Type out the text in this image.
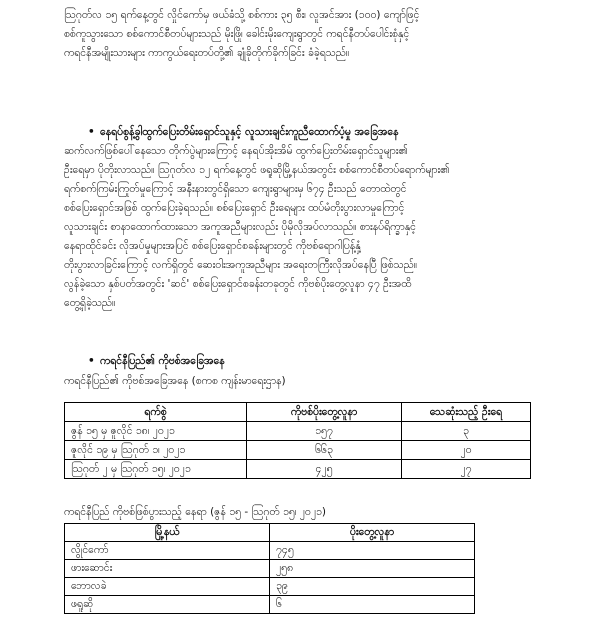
ဩဂုတ်လ ၁၅ ရက်နေ့တွင် လှိုင်ကော်မှ ဖယ်ခံသို့ စစ်ကား ၃၅ စီး၊ လူအင်အား (၁၀၀) ကျော်ဖြင့်
စစ်ကူသွားသော စစ်ကောင်စီတပ်များသည် မိုးဖြို၊ ခေါင်းမိုးကျေးရွာတွင် ကရင်နီတပ်ပေါင်းစုံနှင့်
ကရင်နီအမျိုးသားများ ကာကွယ်ရေးတပ်တို့၏ ချုံခိုတိုက်ခိုက်ခြင်း ခံခဲ့ရသည်။
• နေရပ်စွန့်ခွါထွက်ပြေးတိမ်းရှောင်သူနှင့် လူသားချင်းကူညီထောက်ပံ့မှု အခြေအနေ
ဆက်လက်ဖြစ်ပေါ်နေသော တိုက်ပွဲများကြောင့် နေရပ်အိုးအိမ် ထွက်ပြေးတိမ်းရှောင်သူများ၏
ဦးရေမှာ ပိုတိုးလာသည်။ ဩဂုတ်လ ၁၂ ရက်နေ့တွင် ဖရူဆိုမြို့နယ်အတွင်း စစ်ကောင်စီတပ်ရောက်များ၏
ရက်စက်ကြမ်းကြုတ်မှုကြောင့် အနီးနားတွင်ရှိသော ကျေးရွာများမှ ၆၇၄ ဦးသည် တောထဲတွင်
စစ်ပြေးရှောင်အဖြစ် ထွက်ပြေးခဲ့ရသည်။ စစ်ပြေးရှောင် ဦးရေများ ထပ်မံတိုးပွားလာမှုကြောင့်
လူသားချင်း စာနာထောက်ထားသော အကူအညီများလည်း ပိုမိုလိုအပ်လာသည်။ စားနပ်ရိက္ခာနှင့်
နေရာထိုင်ခင်း လိုအပ်မှုများအပြင် စစ်ပြေးရှောင်စခန်းများတွင် ကိုဗစ်ရောဂါပြန့်နှံ့
တိုးပွားလာခြင်းကြောင့် လက်ရှိတွင် ဆေးဝါးအကူအညီများ အရေးတကြီးလိုအပ်နေပြီ ဖြစ်သည်။
လွန်ခဲ့သော နှစ်ပတ်အတွင်း 'ဆင်' စစ်ပြေးရှောင်စခန်းတခုတွင် ကိုဗစ်ပိုးတွေ့လူနာ ၄၇ ဦးအထိ
တွေ့ရှိခဲ့သည်။
• ကရင်နီပြည်၏ ကိုဗစ်အခြေအနေ
ကရင်နီပြည်၏ ကိုဗစ်အခြေအနေ (စကစ ကျန်းမာရေးဌာန)
ရက်စွဲ	ကိုဗစ်ပိုးတွေ့လူနာ	သေဆုံးသည့် ဦးရေ
ဇွန် ၁၅ မှ ဇူလိုင် ၁၈၊ ၂၀၂၁	၁၅၇	၃
ဇူလိုင် ၁၉ မှ ဩဂုတ် ၁၊ ၂၀၂၁	၆၆၃	၂၀
ဩဂုတ် ၂ မှ ဩဂုတ် ၁၅၊ ၂၀၂၁	၄၂၅	၂၇
ကရင်နီပြည် ကိုဗစ်ဖြစ်ပွားသည့် နေရာ (ဇွန် ၁၅ - ဩဂုတ် ၁၅၊ ၂၀၂၁)
မြို့နယ်	ပိုးတွေ့လူနာ
လွိုင်ကော်	၇၄၅
ဖားဆောင်း	၂၅၈
ဘောလခဲ	၃၉
ဖရူဆို	၆
